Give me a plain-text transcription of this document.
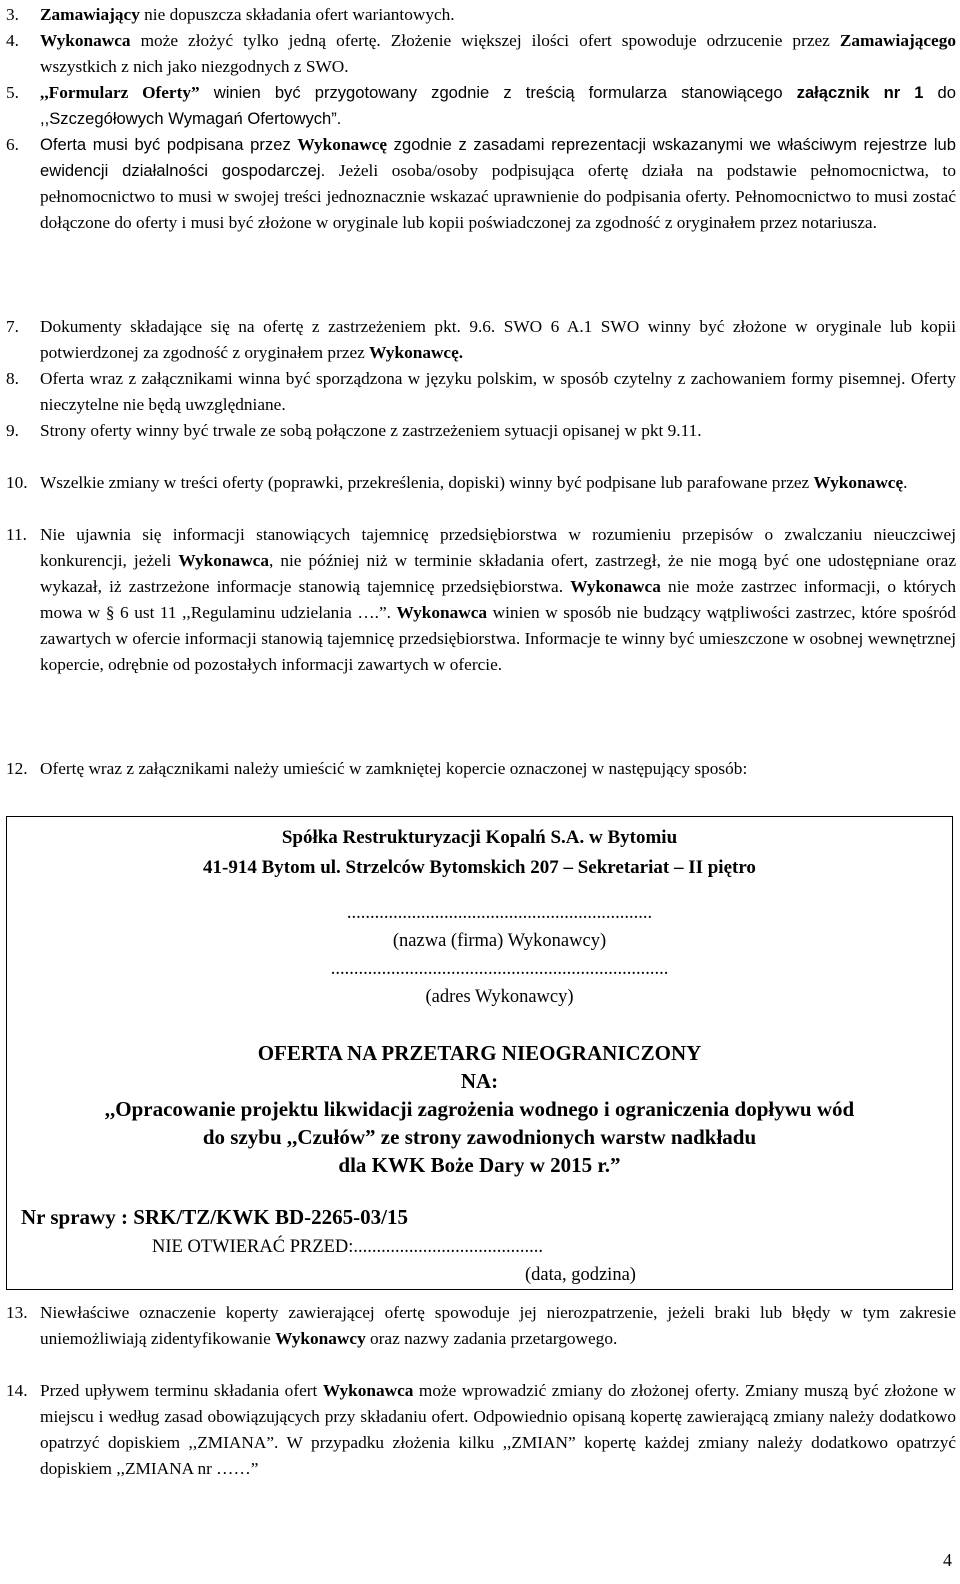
3. Zamawiający nie dopuszcza składania ofert wariantowych.
4. Wykonawca może złożyć tylko jedną ofertę. Złożenie większej ilości ofert spowoduje odrzucenie przez Zamawiającego wszystkich z nich jako niezgodnych z SWO.
5. ,,Formularz Oferty” winien być przygotowany zgodnie z treścią formularza stanowiącego załącznik nr 1 do ,,Szczegółowych Wymagań Ofertowych”.
6. Oferta musi być podpisana przez Wykonawcę zgodnie z zasadami reprezentacji wskazanymi we właściwym rejestrze lub ewidencji działalności gospodarczej. Jeżeli osoba/osoby podpisująca ofertę działa na podstawie pełnomocnictwa, to pełnomocnictwo to musi w swojej treści jednoznacznie wskazać uprawnienie do podpisania oferty. Pełnomocnictwo to musi zostać dołączone do oferty i musi być złożone w oryginale lub kopii poświadczonej za zgodność z oryginałem przez notariusza.
7. Dokumenty składające się na ofertę z zastrzeżeniem pkt. 9.6. SWO 6 A.1 SWO winny być złożone w oryginale lub kopii potwierdzonej za zgodność z oryginałem przez Wykonawcę.
8. Oferta wraz z załącznikami winna być sporządzona w języku polskim, w sposób czytelny z zachowaniem formy pisemnej. Oferty nieczytelne nie będą uwzględniane.
9. Strony oferty winny być trwale ze sobą połączone z zastrzeżeniem sytuacji opisanej w pkt 9.11.
10. Wszelkie zmiany w treści oferty (poprawki, przekreślenia, dopiski) winny być podpisane lub parafowane przez Wykonawcę.
11. Nie ujawnia się informacji stanowiących tajemnicę przedsiębiorstwa w rozumieniu przepisów o zwalczaniu nieuczciwej konkurencji, jeżeli Wykonawca, nie później niż w terminie składania ofert, zastrzegł, że nie mogą być one udostępniane oraz wykazał, iż zastrzeżone informacje stanowią tajemnicę przedsiębiorstwa. Wykonawca nie może zastrzec informacji, o których mowa w § 6 ust 11 ,,Regulaminu udzielania ….”. Wykonawca winien w sposób nie budzący wątpliwości zastrzec, które spośród zawartych w ofercie informacji stanowią tajemnicę przedsiębiorstwa. Informacje te winny być umieszczone w osobnej wewnętrznej kopercie, odrębnie od pozostałych informacji zawartych w ofercie.
12. Ofertę wraz z załącznikami należy umieścić w zamkniętej kopercie oznaczonej w następujący sposób:
Spółka Restrukturyzacji Kopalń S.A. w Bytomiu
41-914 Bytom ul. Strzelców Bytomskich 207 – Sekretariat – II piętro
..................................................................
(nazwa (firma) Wykonawcy)
.........................................................................
(adres Wykonawcy)
OFERTA NA PRZETARG NIEOGRANICZONY
NA:
,,Opracowanie projektu likwidacji zagrożenia wodnego i ograniczenia dopływu wód
do szybu ,,Czułów” ze strony zawodnionych warstw nadkładu
dla KWK Boże Dary w 2015 r.”
Nr sprawy : SRK/TZ/KWK BD-2265-03/15
NIE OTWIERAĆ PRZED:.........................................
(data, godzina)
13. Niewłaściwe oznaczenie koperty zawierającej ofertę spowoduje jej nierozpatrzenie, jeżeli braki lub błędy w tym zakresie uniemożliwiają zidentyfikowanie Wykonawcy oraz nazwy zadania przetargowego.
14. Przed upływem terminu składania ofert Wykonawca może wprowadzić zmiany do złożonej oferty. Zmiany muszą być złożone w miejscu i według zasad obowiązujących przy składaniu ofert. Odpowiednio opisaną kopertę zawierającą zmiany należy dodatkowo opatrzyć dopiskiem ,,ZMIANA”. W przypadku złożenia kilku ,,ZMIAN” kopertę każdej zmiany należy dodatkowo opatrzyć dopiskiem ,,ZMIANA nr ……”
4
